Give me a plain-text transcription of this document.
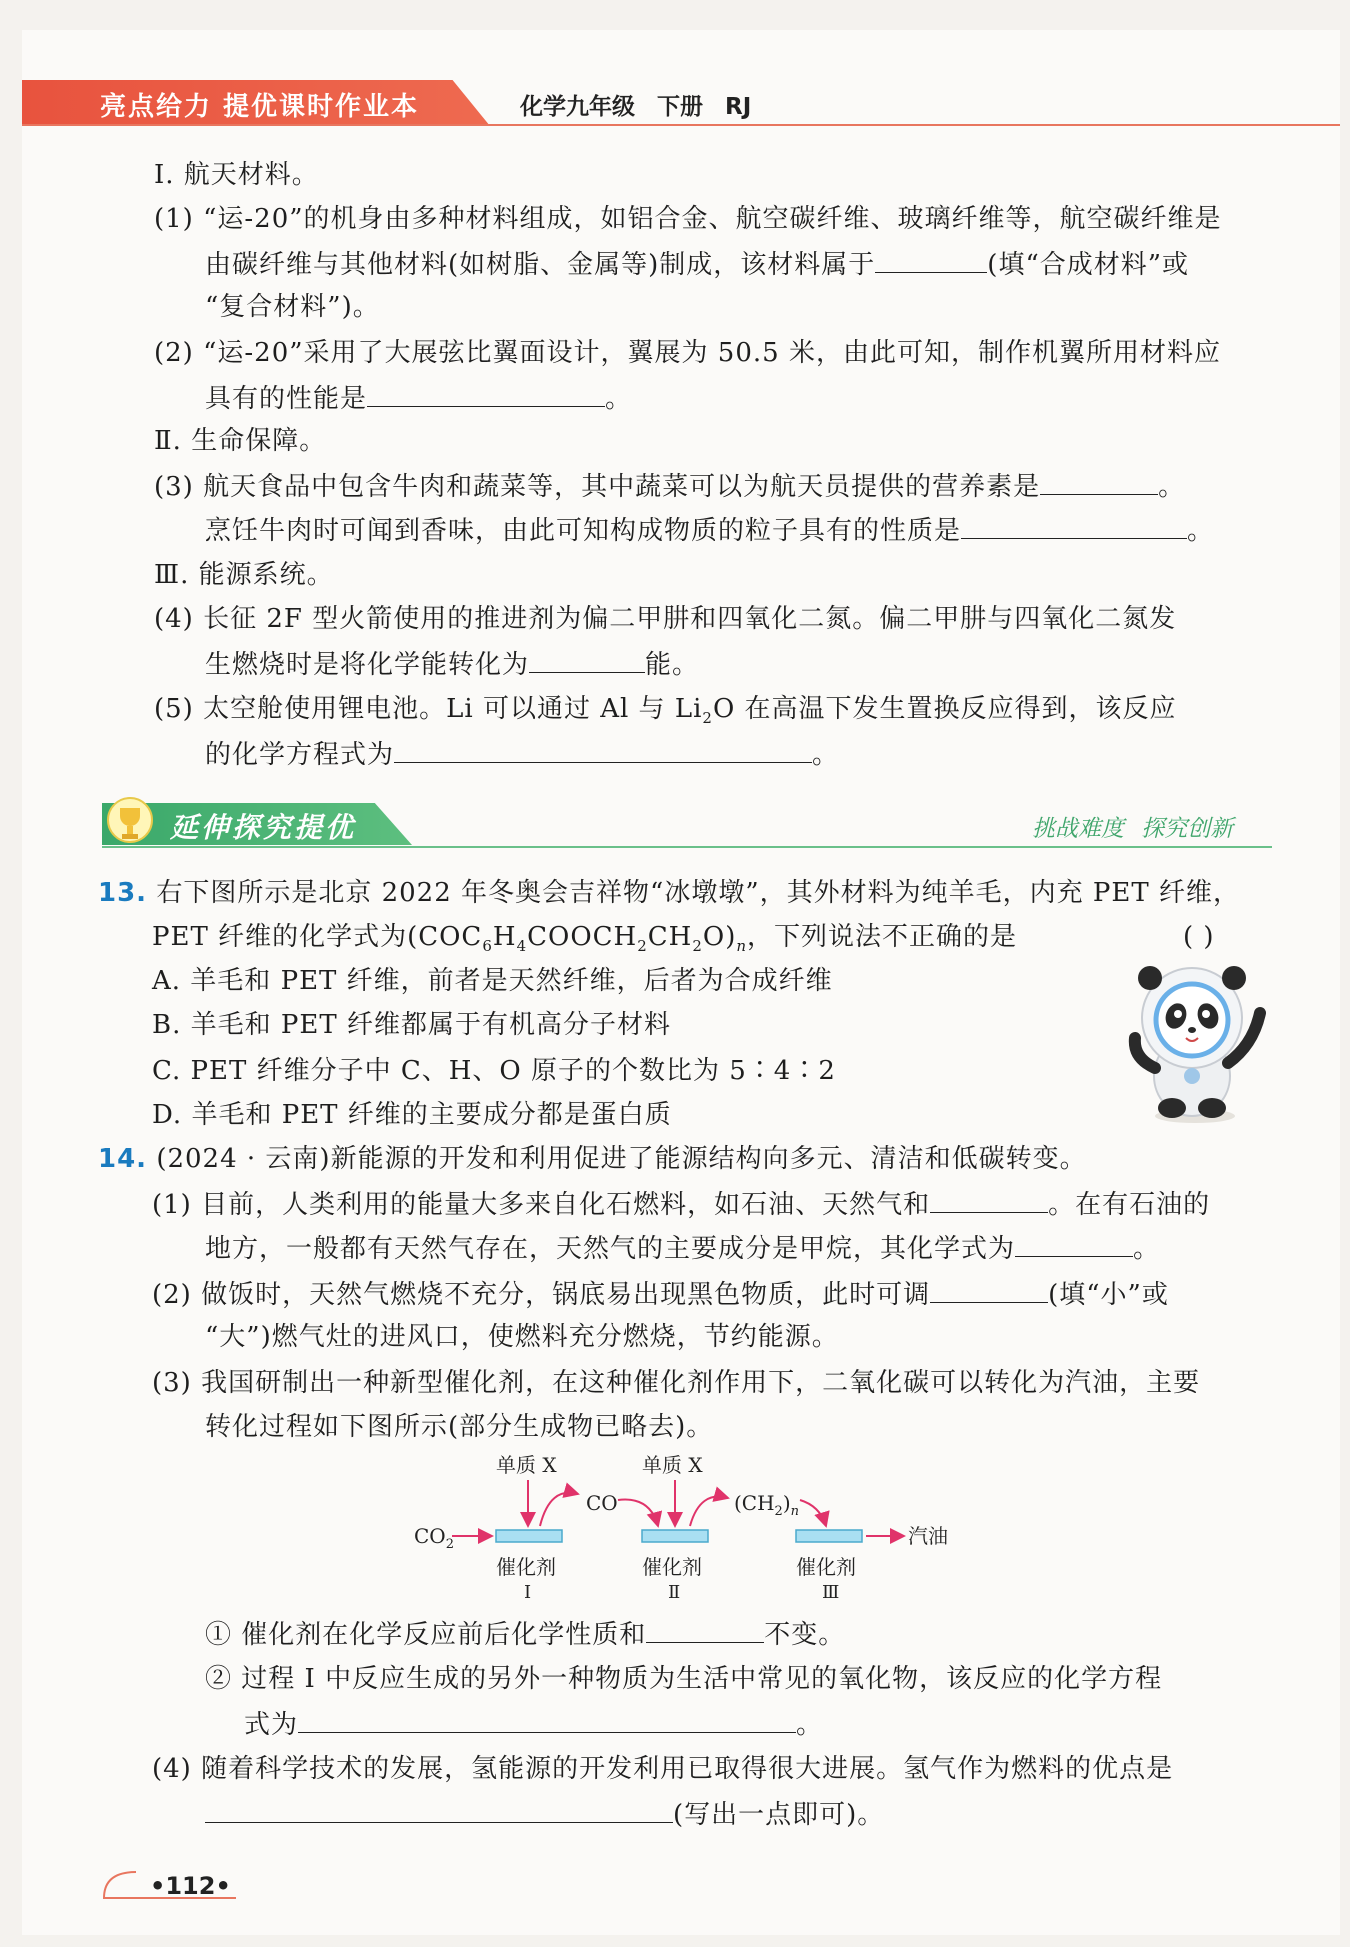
亮点给力 提优课时作业本	化学九年级 下册 RJ
Ⅰ. 航天材料。
(1) “运-20”的机身由多种材料组成，如铝合金、航空碳纤维、玻璃纤维等，航空碳纤维是
由碳纤维与其他材料(如树脂、金属等)制成，该材料属于	(填“合成材料”或
“复合材料”)。
(2) “运-20”采用了大展弦比翼面设计，翼展为 50.5 米，由此可知，制作机翼所用材料应
具有的性能是	。
Ⅱ. 生命保障。
(3) 航天食品中包含牛肉和蔬菜等，其中蔬菜可以为航天员提供的营养素是	。
烹饪牛肉时可闻到香味，由此可知构成物质的粒子具有的性质是	。
Ⅲ. 能源系统。
(4) 长征 2F 型火箭使用的推进剂为偏二甲肼和四氧化二氮。偏二甲肼与四氧化二氮发
生燃烧时是将化学能转化为	能。
(5) 太空舱使用锂电池。Li 可以通过 Al 与 $Li_2O$ 在高温下发生置换反应得到，该反应
的化学方程式为	。
延伸探究提优	挑战难度 探究创新
13. 右下图所示是北京 2022 年冬奥会吉祥物“冰墩墩”，其外材料为纯羊毛，内充 PET 纤维，
PET 纤维的化学式为$(COC_6H_4COOCH_2CH_2O)_n$，下列说法不正确的是	( )
A. 羊毛和 PET 纤维，前者是天然纤维，后者为合成纤维
B. 羊毛和 PET 纤维都属于有机高分子材料
C. PET 纤维分子中 C、H、O 原子的个数比为 5∶4∶2
D. 羊毛和 PET 纤维的主要成分都是蛋白质
14. (2024 · 云南)新能源的开发和利用促进了能源结构向多元、清洁和低碳转变。
(1) 目前，人类利用的能量大多来自化石燃料，如石油、天然气和	。在有石油的
地方，一般都有天然气存在，天然气的主要成分是甲烷，其化学式为	。
(2) 做饭时，天然气燃烧不充分，锅底易出现黑色物质，此时可调	(填“小”或
“大”)燃气灶的进风口，使燃料充分燃烧，节约能源。
(3) 我国研制出一种新型催化剂，在这种催化剂作用下，二氧化碳可以转化为汽油，主要
转化过程如下图所示(部分生成物已略去)。
单质 X	单质 X
CO	$(CH_2)_n$
$CO_2$	汽油
催化剂
Ⅰ
催化剂
Ⅱ
催化剂
Ⅲ
① 催化剂在化学反应前后化学性质和	不变。
② 过程 Ⅰ 中反应生成的另外一种物质为生活中常见的氧化物，该反应的化学方程
式为	。
(4) 随着科学技术的发展，氢能源的开发利用已取得很大进展。氢气作为燃料的优点是
(写出一点即可)。
•112•
